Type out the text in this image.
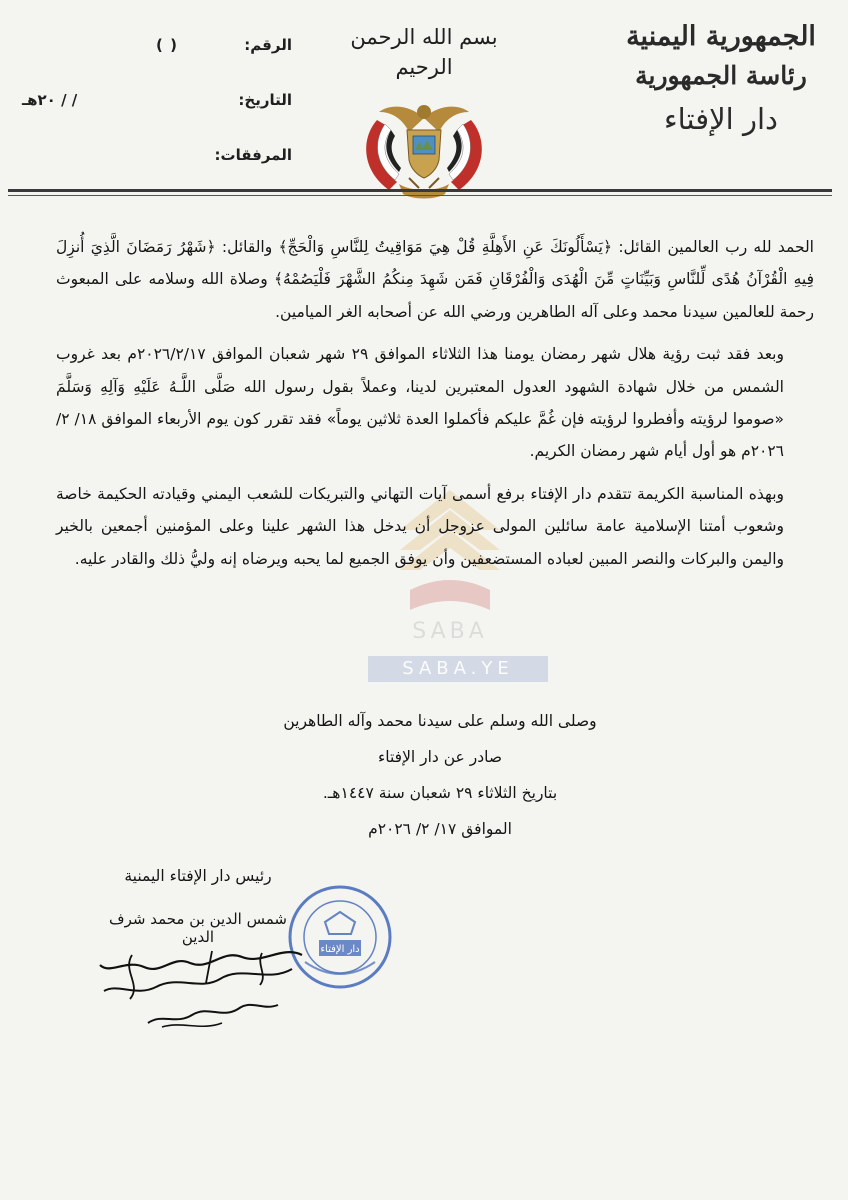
الجمهورية اليمنية
رئاسة الجمهورية
دار الإفتاء
بسم الله الرحمن الرحيم
الرقم:
( )
التاريخ:
/ / ٢٠هـ
المرفقات:
SABA
SABA.YE

الحمد لله رب العالمين القائل: ﴿يَسْأَلُونَكَ عَنِ الأَهِلَّةِ قُلْ هِيَ مَوَاقِيتُ لِلنَّاسِ وَالْحَجِّ﴾ والقائل: ﴿شَهْرُ رَمَضَانَ الَّذِيَ أُنزِلَ فِيهِ الْقُرْآنُ هُدًى لِّلنَّاسِ وَبَيِّنَاتٍ مِّنَ الْهُدَى وَالْفُرْقَانِ فَمَن شَهِدَ مِنكُمُ الشَّهْرَ فَلْيَصُمْهُ﴾ وصلاة الله وسلامه على المبعوث رحمة للعالمين سيدنا محمد وعلى آله الطاهرين ورضي الله عن أصحابه الغر الميامين.

وبعد فقد ثبت رؤية هلال شهر رمضان يومنا هذا الثلاثاء الموافق ٢٩ شهر شعبان الموافق ٢٠٢٦/٢/١٧م بعد غروب الشمس من خلال شهادة الشهود العدول المعتبرين لدينا، وعملاً بقول رسول الله صَلَّى اللَّـهُ عَلَيْهِ وَآلِهِ وَسَلَّمَ «صوموا لرؤيته وأفطروا لرؤيته فإن غُمَّ عليكم فأكملوا العدة ثلاثين يوماً» فقد تقرر كون يوم الأربعاء الموافق ١٨/ ٢/ ٢٠٢٦م هو أول أيام شهر رمضان الكريم.

وبهذه المناسبة الكريمة تتقدم دار الإفتاء برفع أسمى آيات التهاني والتبريكات للشعب اليمني وقيادته الحكيمة خاصة وشعوب أمتنا الإسلامية عامة سائلين المولى عزوجل أن يدخل هذا الشهر علينا وعلى المؤمنين أجمعين بالخير واليمن والبركات والنصر المبين لعباده المستضعفين وأن يوفق الجميع لما يحبه ويرضاه إنه وليُّ ذلك والقادر عليه.

وصلى الله وسلم على سيدنا محمد وآله الطاهرين
صادر عن دار الإفتاء
بتاريخ الثلاثاء ٢٩ شعبان سنة ١٤٤٧هـ.
الموافق ١٧/ ٢/ ٢٠٢٦م
رئيس دار الإفتاء اليمنية
شمس الدين بن محمد شرف الدين
دار الإفتاء
